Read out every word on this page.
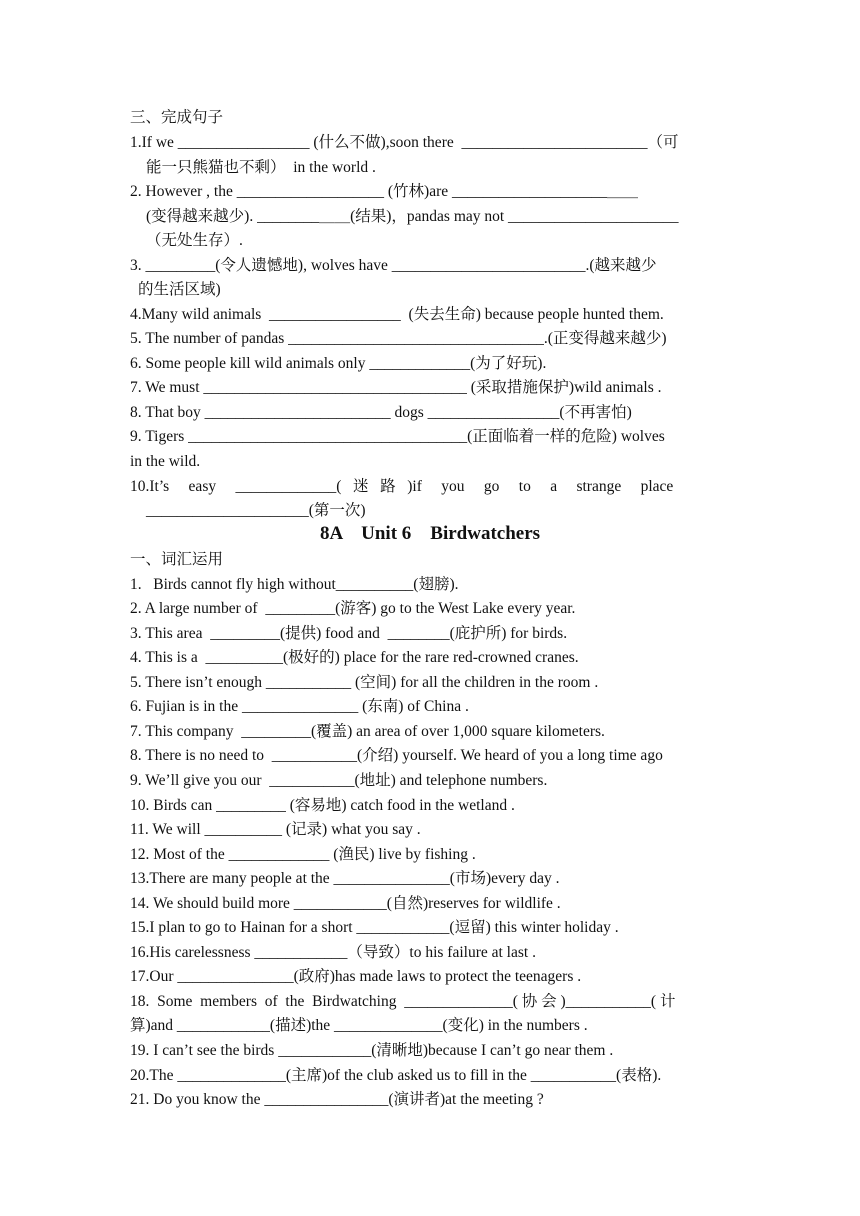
三、完成句子
1.If we _________________ (什么不做),soon there  ________________________（可
能一只熊猫也不剩）  in the world .
2. However , the ___________________ (竹林)are ____________________＿＿
(变得越来越少). ________＿＿(结果)，pandas may not ______________________
（无处生存）.
3. _________(令人遗憾地), wolves have _________________________.(越来越少
的生活区域)
4.Many wild animals  _________________  (失去生命) because people hunted them.
5. The number of pandas _________________________________.(正变得越来越少)
6. Some people kill wild animals only _____________(为了好玩).
7. We must __________________________________ (采取措施保护)wild animals .
8. That boy ________________________ dogs _________________(不再害怕)
9. Tigers ____________________________________(正面临着一样的危险) wolves
in the wild.
10.It’s     easy     _____________(   迷   路   )if     you     go     to     a     strange     place
_____________________(第一次)
8A    Unit 6    Birdwatchers
一、词汇运用
1.   Birds cannot fly high without__________(翅膀).
2. A large number of  _________(游客) go to the West Lake every year.
3. This area  _________(提供) food and  ________(庇护所) for birds.
4. This is a  __________(极好的) place for the rare red-crowned cranes.
5. There isn’t enough ___________ (空间) for all the children in the room .
6. Fujian is in the _______________ (东南) of China .
7. This company  _________(覆盖) an area of over 1,000 square kilometers.
8. There is no need to  ___________(介绍) yourself. We heard of you a long time ago
9. We’ll give you our  ___________(地址) and telephone numbers.
10. Birds can _________ (容易地) catch food in the wetland .
11. We will __________ (记录) what you say .
12. Most of the _____________ (渔民) live by fishing .
13.There are many people at the _______________(市场)every day .
14. We should build more ____________(自然)reserves for wildlife .
15.I plan to go to Hainan for a short ____________(逗留) this winter holiday .
16.His carelessness ____________（导致）to his failure at last .
17.Our _______________(政府)has made laws to protect the teenagers .
18.  Some  members  of  the  Birdwatching  ______________( 协 会 )___________( 计
算)and ____________(描述)the ______________(变化) in the numbers .
19. I can’t see the birds ____________(清晰地)because I can’t go near them .
20.The ______________(主席)of the club asked us to fill in the ___________(表格).
21. Do you know the ________________(演讲者)at the meeting ?
